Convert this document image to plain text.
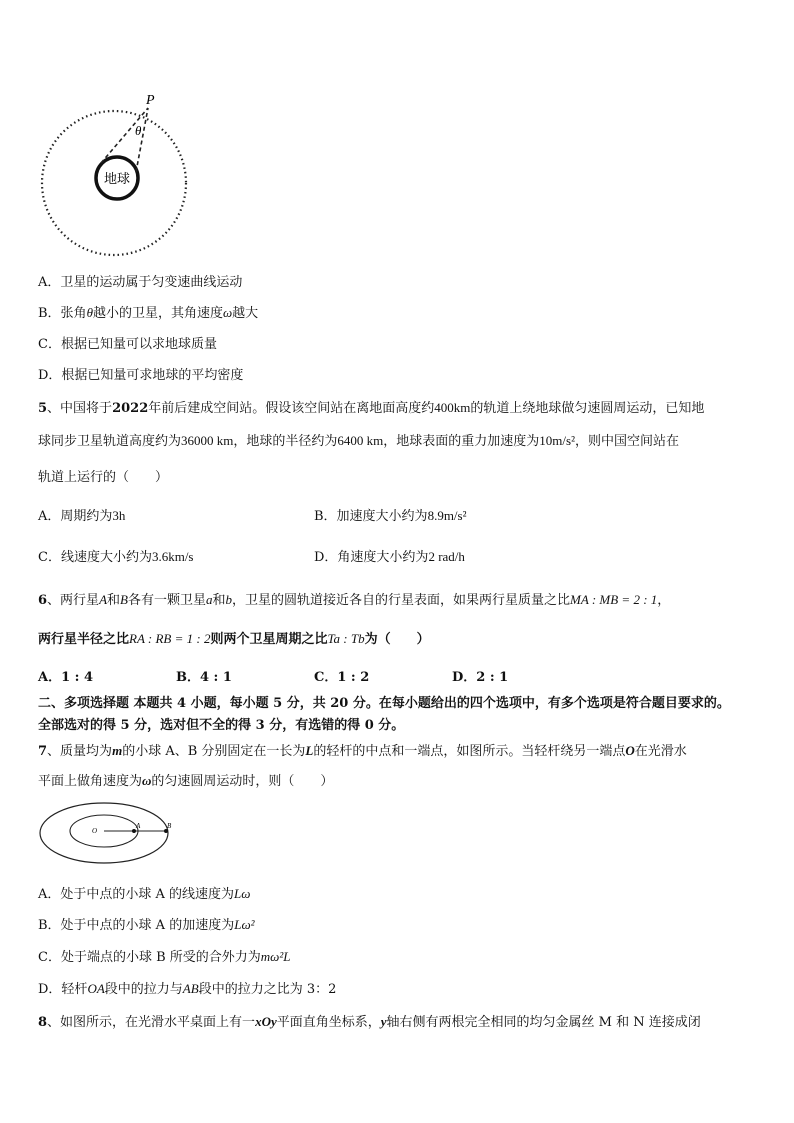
P
θ
地球
A．卫星的运动属于匀变速曲线运动
B．张角θ越小的卫星，其角速度ω越大
C．根据已知量可以求地球质量
D．根据已知量可求地球的平均密度
5、中国将于2022年前后建成空间站。假设该空间站在离地面高度约400km的轨道上绕地球做匀速圆周运动，已知地
球同步卫星轨道高度约为36000 km，地球的半径约为6400 km，地球表面的重力加速度为10m/s²，则中国空间站在
轨道上运行的（　　）
A．周期约为3h	B．加速度大小约为8.9m/s²
C．线速度大小约为3.6km/s	D．角速度大小约为2 rad/h
6、两行星A和B各有一颗卫星a和b，卫星的圆轨道接近各自的行星表面，如果两行星质量之比MA : MB = 2 : 1，
两行星半径之比RA : RB = 1 : 2则两个卫星周期之比Ta : Tb为（　　）
A．1 : 4	B．4 : 1	C．1 : 2	D．2 : 1
二、多项选择题 本题共 4 小题，每小题 5 分，共 20 分。在每小题给出的四个选项中，有多个选项是符合题目要求的。
全部选对的得 5 分，选对但不全的得 3 分，有选错的得 0 分。
7、质量均为m的小球 A、B 分别固定在一长为L的轻杆的中点和一端点，如图所示。当轻杆绕另一端点O在光滑水
平面上做角速度为ω的匀速圆周运动时，则（　　）
O
A	B
A．处于中点的小球 A 的线速度为Lω
B．处于中点的小球 A 的加速度为Lω²
C．处于端点的小球 B 所受的合外力为mω²L
D．轻杆OA段中的拉力与AB段中的拉力之比为 3：2
8、如图所示，在光滑水平桌面上有一xOy平面直角坐标系，y轴右侧有两根完全相同的均匀金属丝 M 和 N 连接成闭
